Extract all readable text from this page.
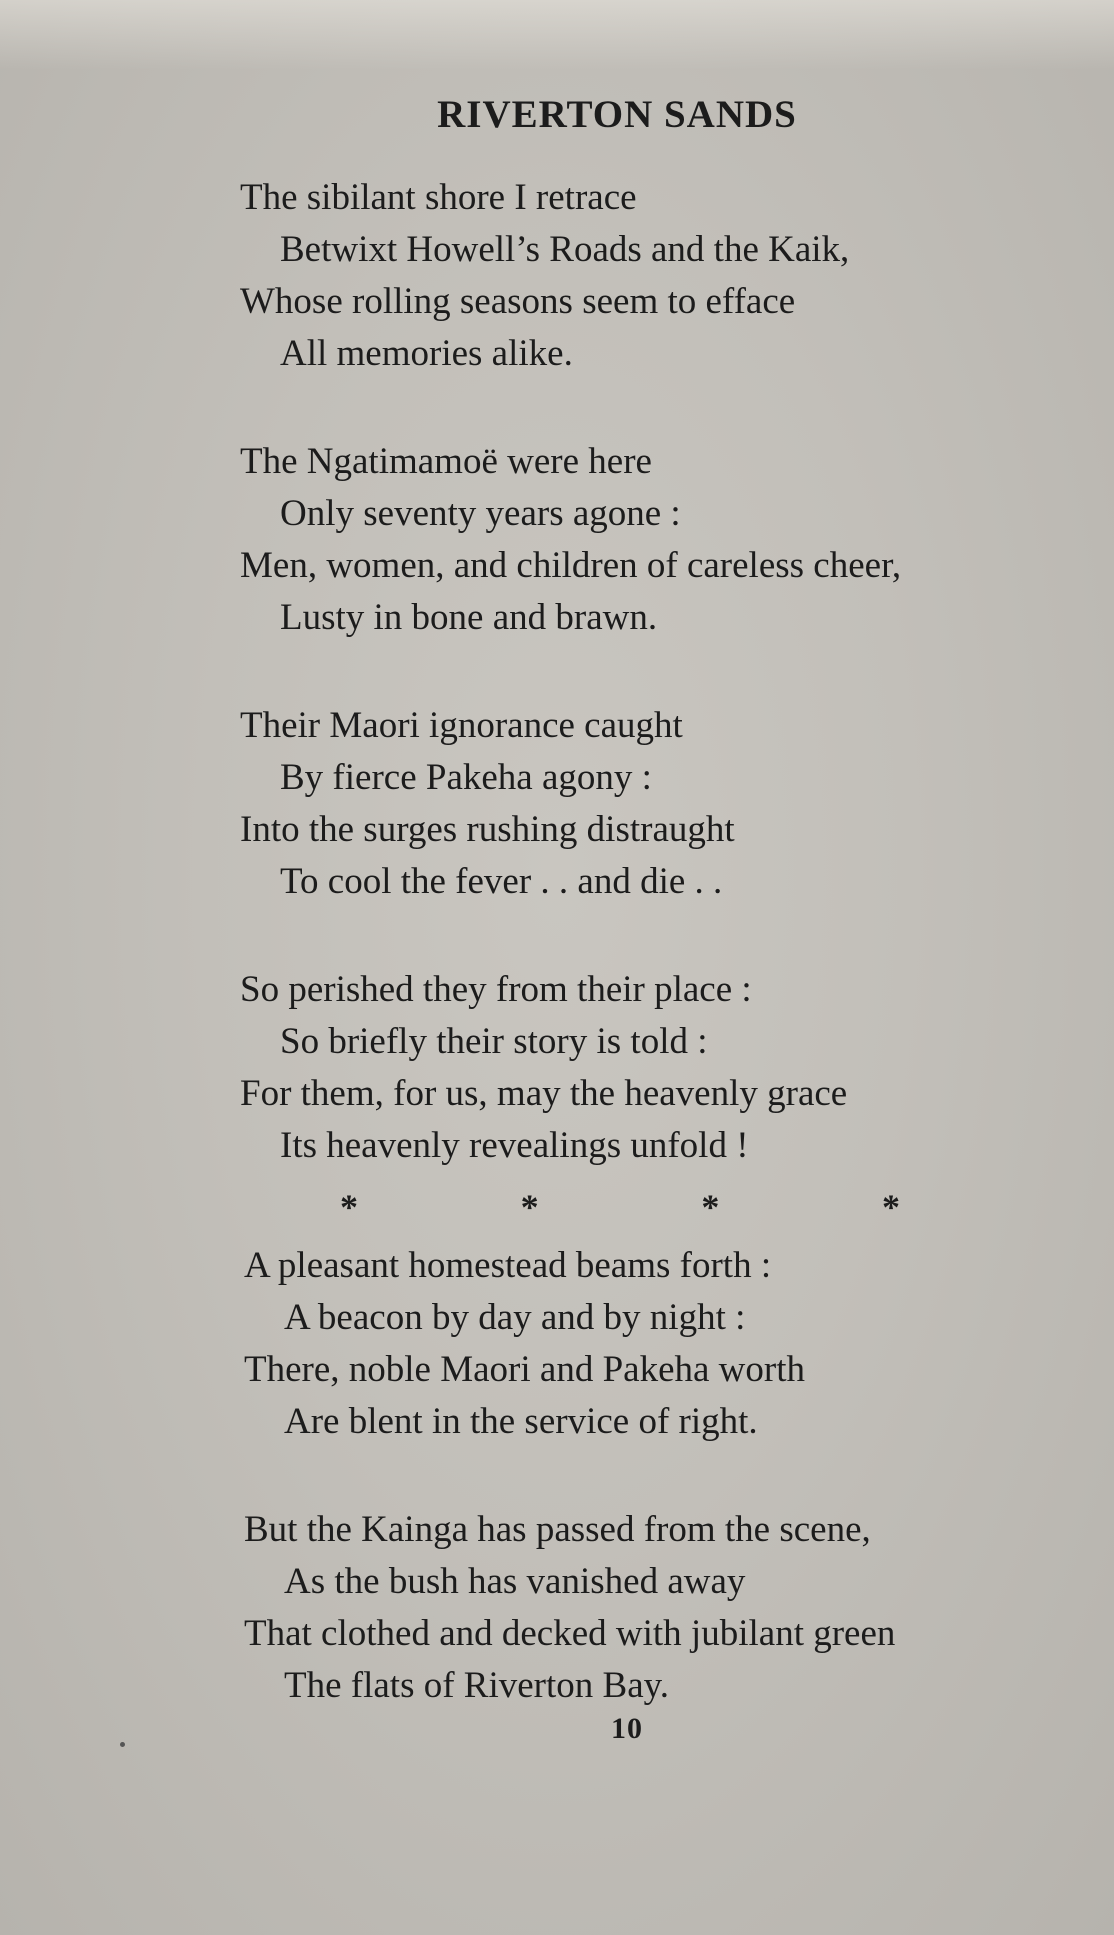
RIVERTON SANDS
The sibilant shore I retrace
Betwixt Howell’s Roads and the Kaik,
Whose rolling seasons seem to efface
All memories alike.
The Ngatimamoë were here
Only seventy years agone :
Men, women, and children of careless cheer,
Lusty in bone and brawn.
Their Maori ignorance caught
By fierce Pakeha agony :
Into the surges rushing distraught
To cool the fever . . and die . .
So perished they from their place :
So briefly their story is told :
For them, for us, may the heavenly grace
Its heavenly revealings unfold !
*	*	*	*
A pleasant homestead beams forth :
A beacon by day and by night :
There, noble Maori and Pakeha worth
Are blent in the service of right.
But the Kainga has passed from the scene,
As the bush has vanished away
That clothed and decked with jubilant green
The flats of Riverton Bay.
10
